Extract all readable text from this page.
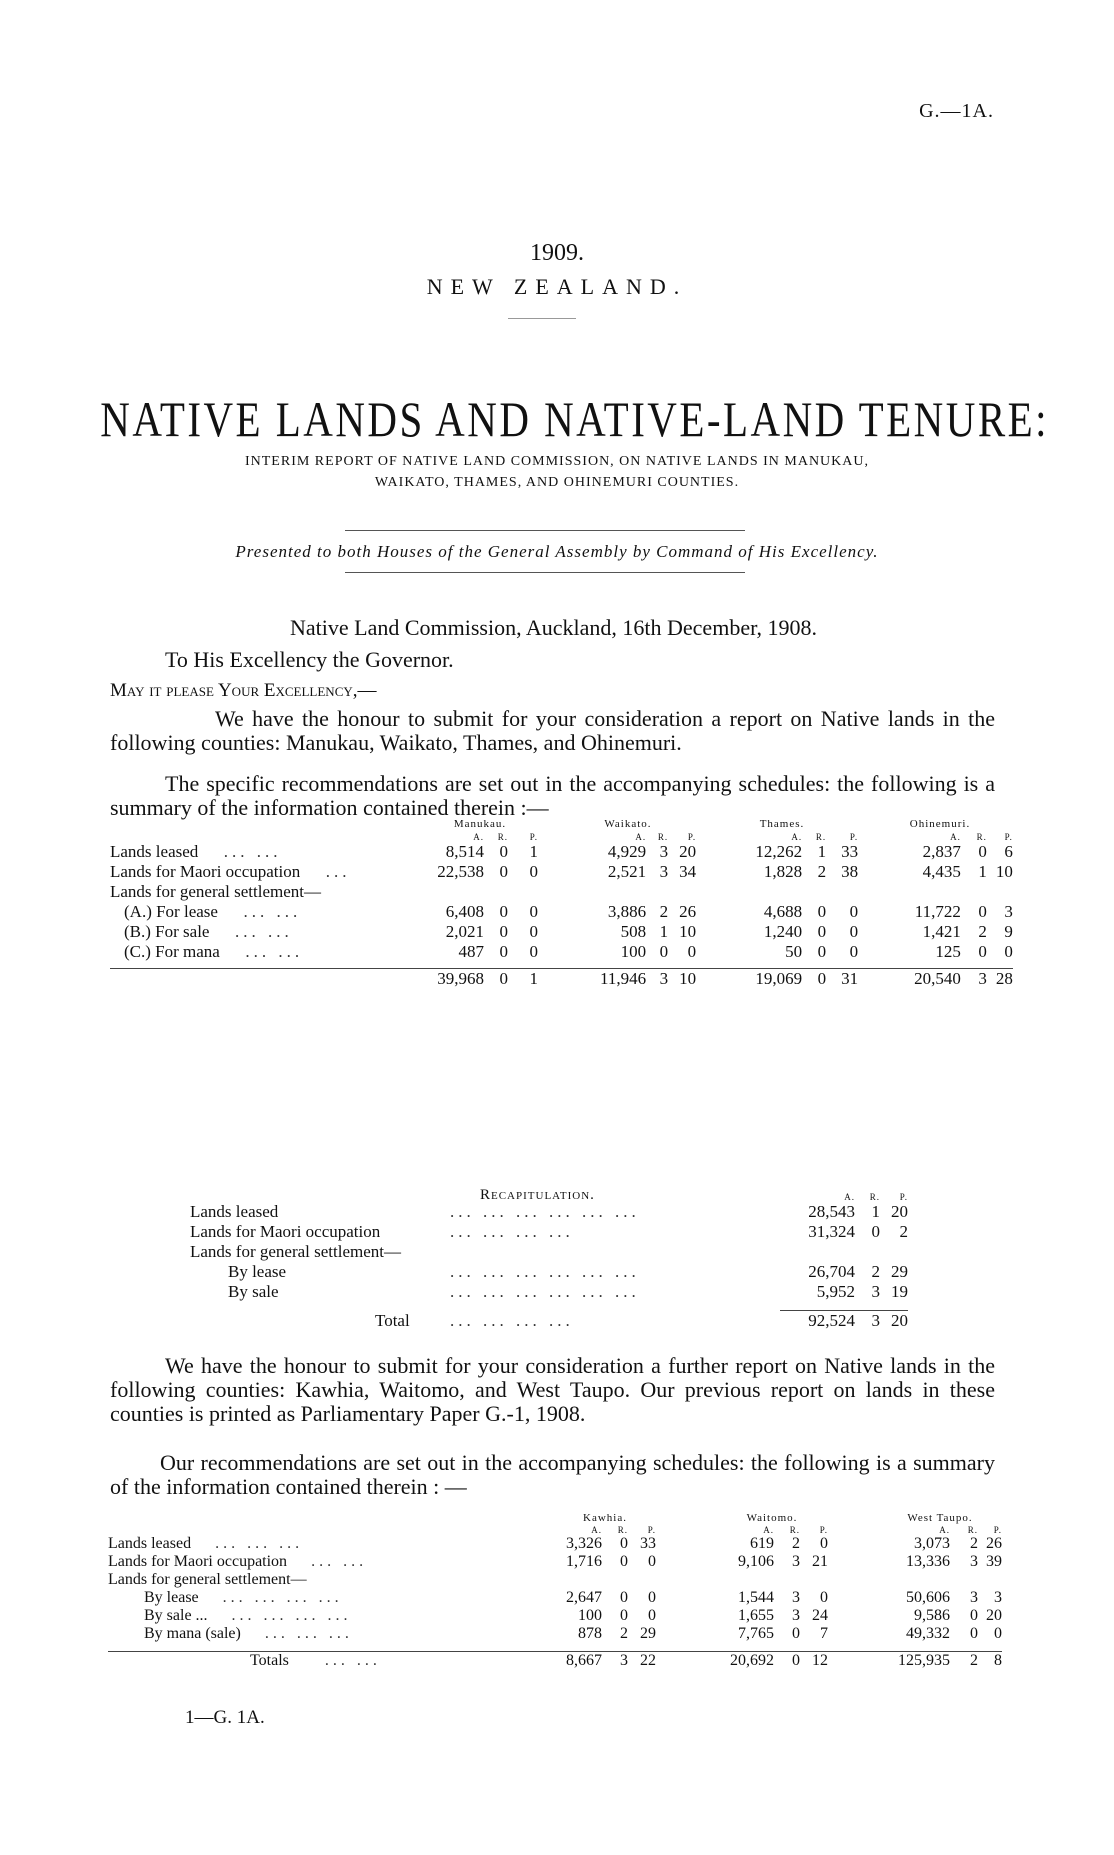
G.—1A.
1909.
NEW ZEALAND.
NATIVE LANDS AND NATIVE-LAND TENURE:
INTERIM REPORT OF NATIVE LAND COMMISSION, ON NATIVE LANDS IN MANUKAU,
WAIKATO, THAMES, AND OHINEMURI COUNTIES.
Presented to both Houses of the General Assembly by Command of His Excellency.
Native Land Commission, Auckland, 16th December, 1908.
To His Excellency the Governor.
May it please Your Excellency,—
We have the honour to submit for your consideration a report on Native lands in the following counties: Manukau, Waikato, Thames, and Ohinemuri.
The specific recommendations are set out in the accompanying schedules: the following is a summary of the information contained therein :—
Manukau.	Waikato.	Thames.	Ohinemuri.
	A.	R.	P.		A.	R.	P.		A.	R.	P.		A.	R.	P.
Lands leased ... ...	8,514	0	1		4,929	3	20		12,262	1	33		2,837	0	6
Lands for Maori occupation ...	22,538	0	0		2,521	3	34		1,828	2	38		4,435	1	10
Lands for general settlement—															
(A.) For lease ... ...	6,408	0	0		3,886	2	26		4,688	0	0		11,722	0	3
(B.) For sale ... ...	2,021	0	0		508	1	10		1,240	0	0		1,421	2	9
(C.) For mana ... ...	487	0	0		100	0	0		50	0	0		125	0	0

	39,968	0	1		11,946	3	10		19,069	0	31		20,540	3	28
Recapitulation.
			A.	R.	P.
Lands leased	... ... ... ... ... ...	28,543	1	20
Lands for Maori occupation	... ... ... ...	31,324	0	2
Lands for general settlement—				
By lease	... ... ... ... ... ...	26,704	2	29
By sale	... ... ... ... ... ...	5,952	3	19

Total	... ... ... ...	92,524	3	20
We have the honour to submit for your consideration a further report on Native lands in the following counties: Kawhia, Waitomo, and West Taupo. Our previous report on lands in these counties is printed as Parliamentary Paper G.-1, 1908.
Our recommendations are set out in the accompanying schedules: the following is a summary of the information contained therein : —
Kawhia.	Waitomo.	West Taupo.
	A.	R.	P.		A.	R.	P.		A.	R.	P.
Lands leased ... ... ...	3,326	0	33		619	2	0		3,073	2	26
Lands for Maori occupation ... ...	1,716	0	0		9,106	3	21		13,336	3	39
Lands for general settlement—											
By lease ... ... ... ...	2,647	0	0		1,544	3	0		50,606	3	3
By sale ... ... ... ... ...	100	0	0		1,655	3	24		9,586	0	20
By mana (sale) ... ... ...	878	2	29		7,765	0	7		49,332	0	0

Totals ... ...	8,667	3	22		20,692	0	12		125,935	2	8
1—G. 1A.
